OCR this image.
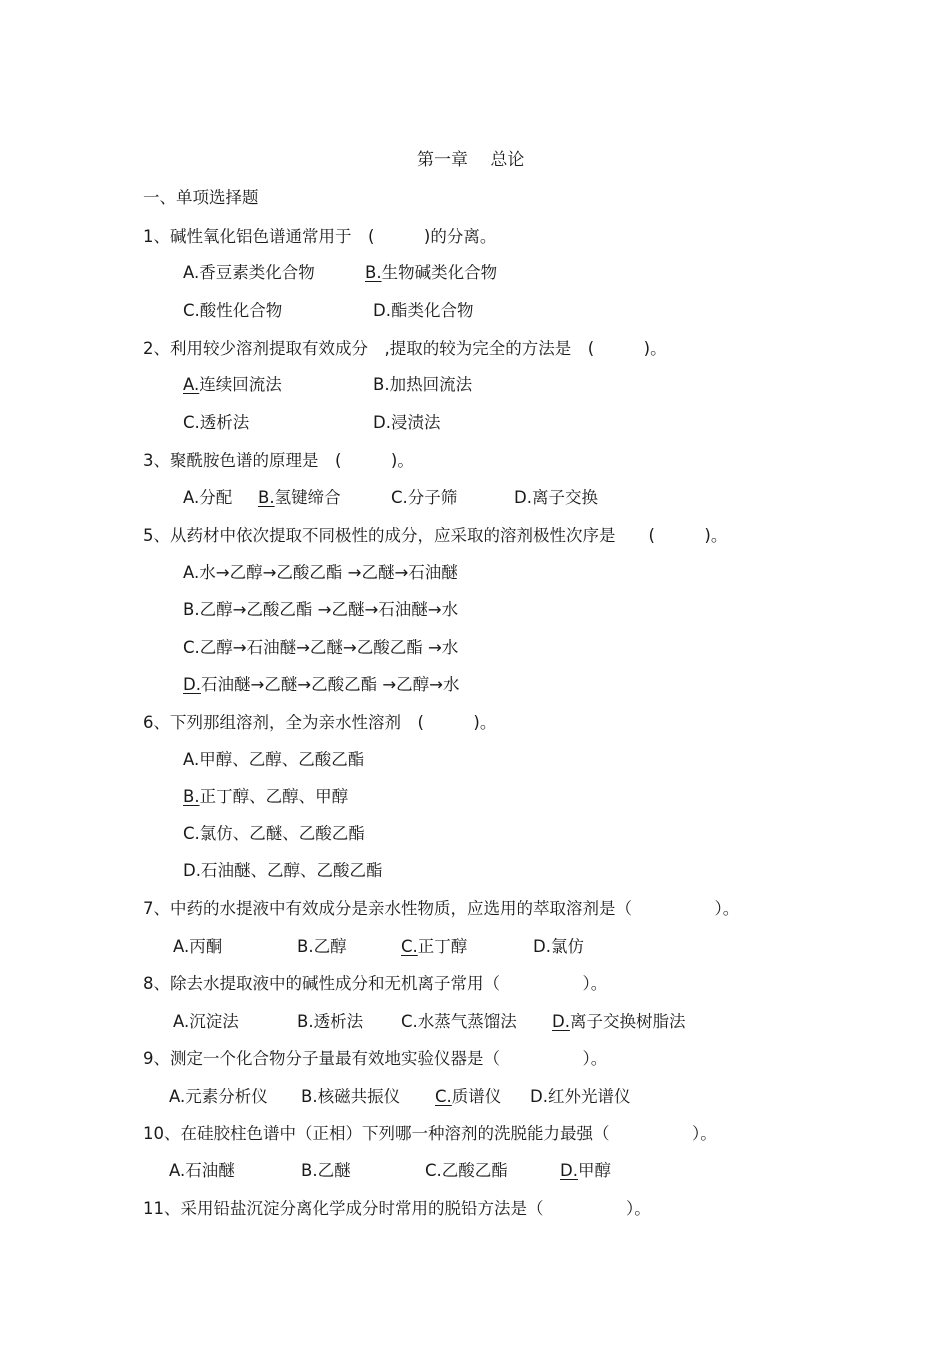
第一章　 总论
一、单项选择题
1、碱性氧化铝色谱通常用于　(　　　)的分离。
A.香豆素类化合物	B.生物碱类化合物
C.酸性化合物	D.酯类化合物
2、利用较少溶剂提取有效成分　,提取的较为完全的方法是　(　　　)。
A.连续回流法	B.加热回流法
C.透析法	D.浸渍法
3、聚酰胺色谱的原理是　(　　　)。
A.分配 B.氢键缔合	C.分子筛	D.离子交换
5、从药材中依次提取不同极性的成分，应采取的溶剂极性次序是　　(　　　)。
A.水→乙醇→乙酸乙酯 →乙醚→石油醚
B.乙醇→乙酸乙酯 →乙醚→石油醚→水
C.乙醇→石油醚→乙醚→乙酸乙酯 →水
D.石油醚→乙醚→乙酸乙酯 →乙醇→水
6、下列那组溶剂，全为亲水性溶剂　(　　　)。
A.甲醇、乙醇、乙酸乙酯
B.正丁醇、乙醇、甲醇
C.氯仿、乙醚、乙酸乙酯
D.石油醚、乙醇、乙酸乙酯
7、中药的水提液中有效成分是亲水性物质，应选用的萃取溶剂是（　　　　　）。
A.丙酮	B.乙醇	C.正丁醇	D.氯仿
8、除去水提取液中的碱性成分和无机离子常用（　　　　　）。
A.沉淀法	B.透析法 C.水蒸气蒸馏法 D.离子交换树脂法
9、测定一个化合物分子量最有效地实验仪器是（　　　　　）。
A.元素分析仪 B.核磁共振仪 C.质谱仪 D.红外光谱仪
10、在硅胶柱色谱中（正相）下列哪一种溶剂的洗脱能力最强（　　　　　）。
A.石油醚	B.乙醚	C.乙酸乙酯	D.甲醇
11、采用铅盐沉淀分离化学成分时常用的脱铅方法是（　　　　　）。
